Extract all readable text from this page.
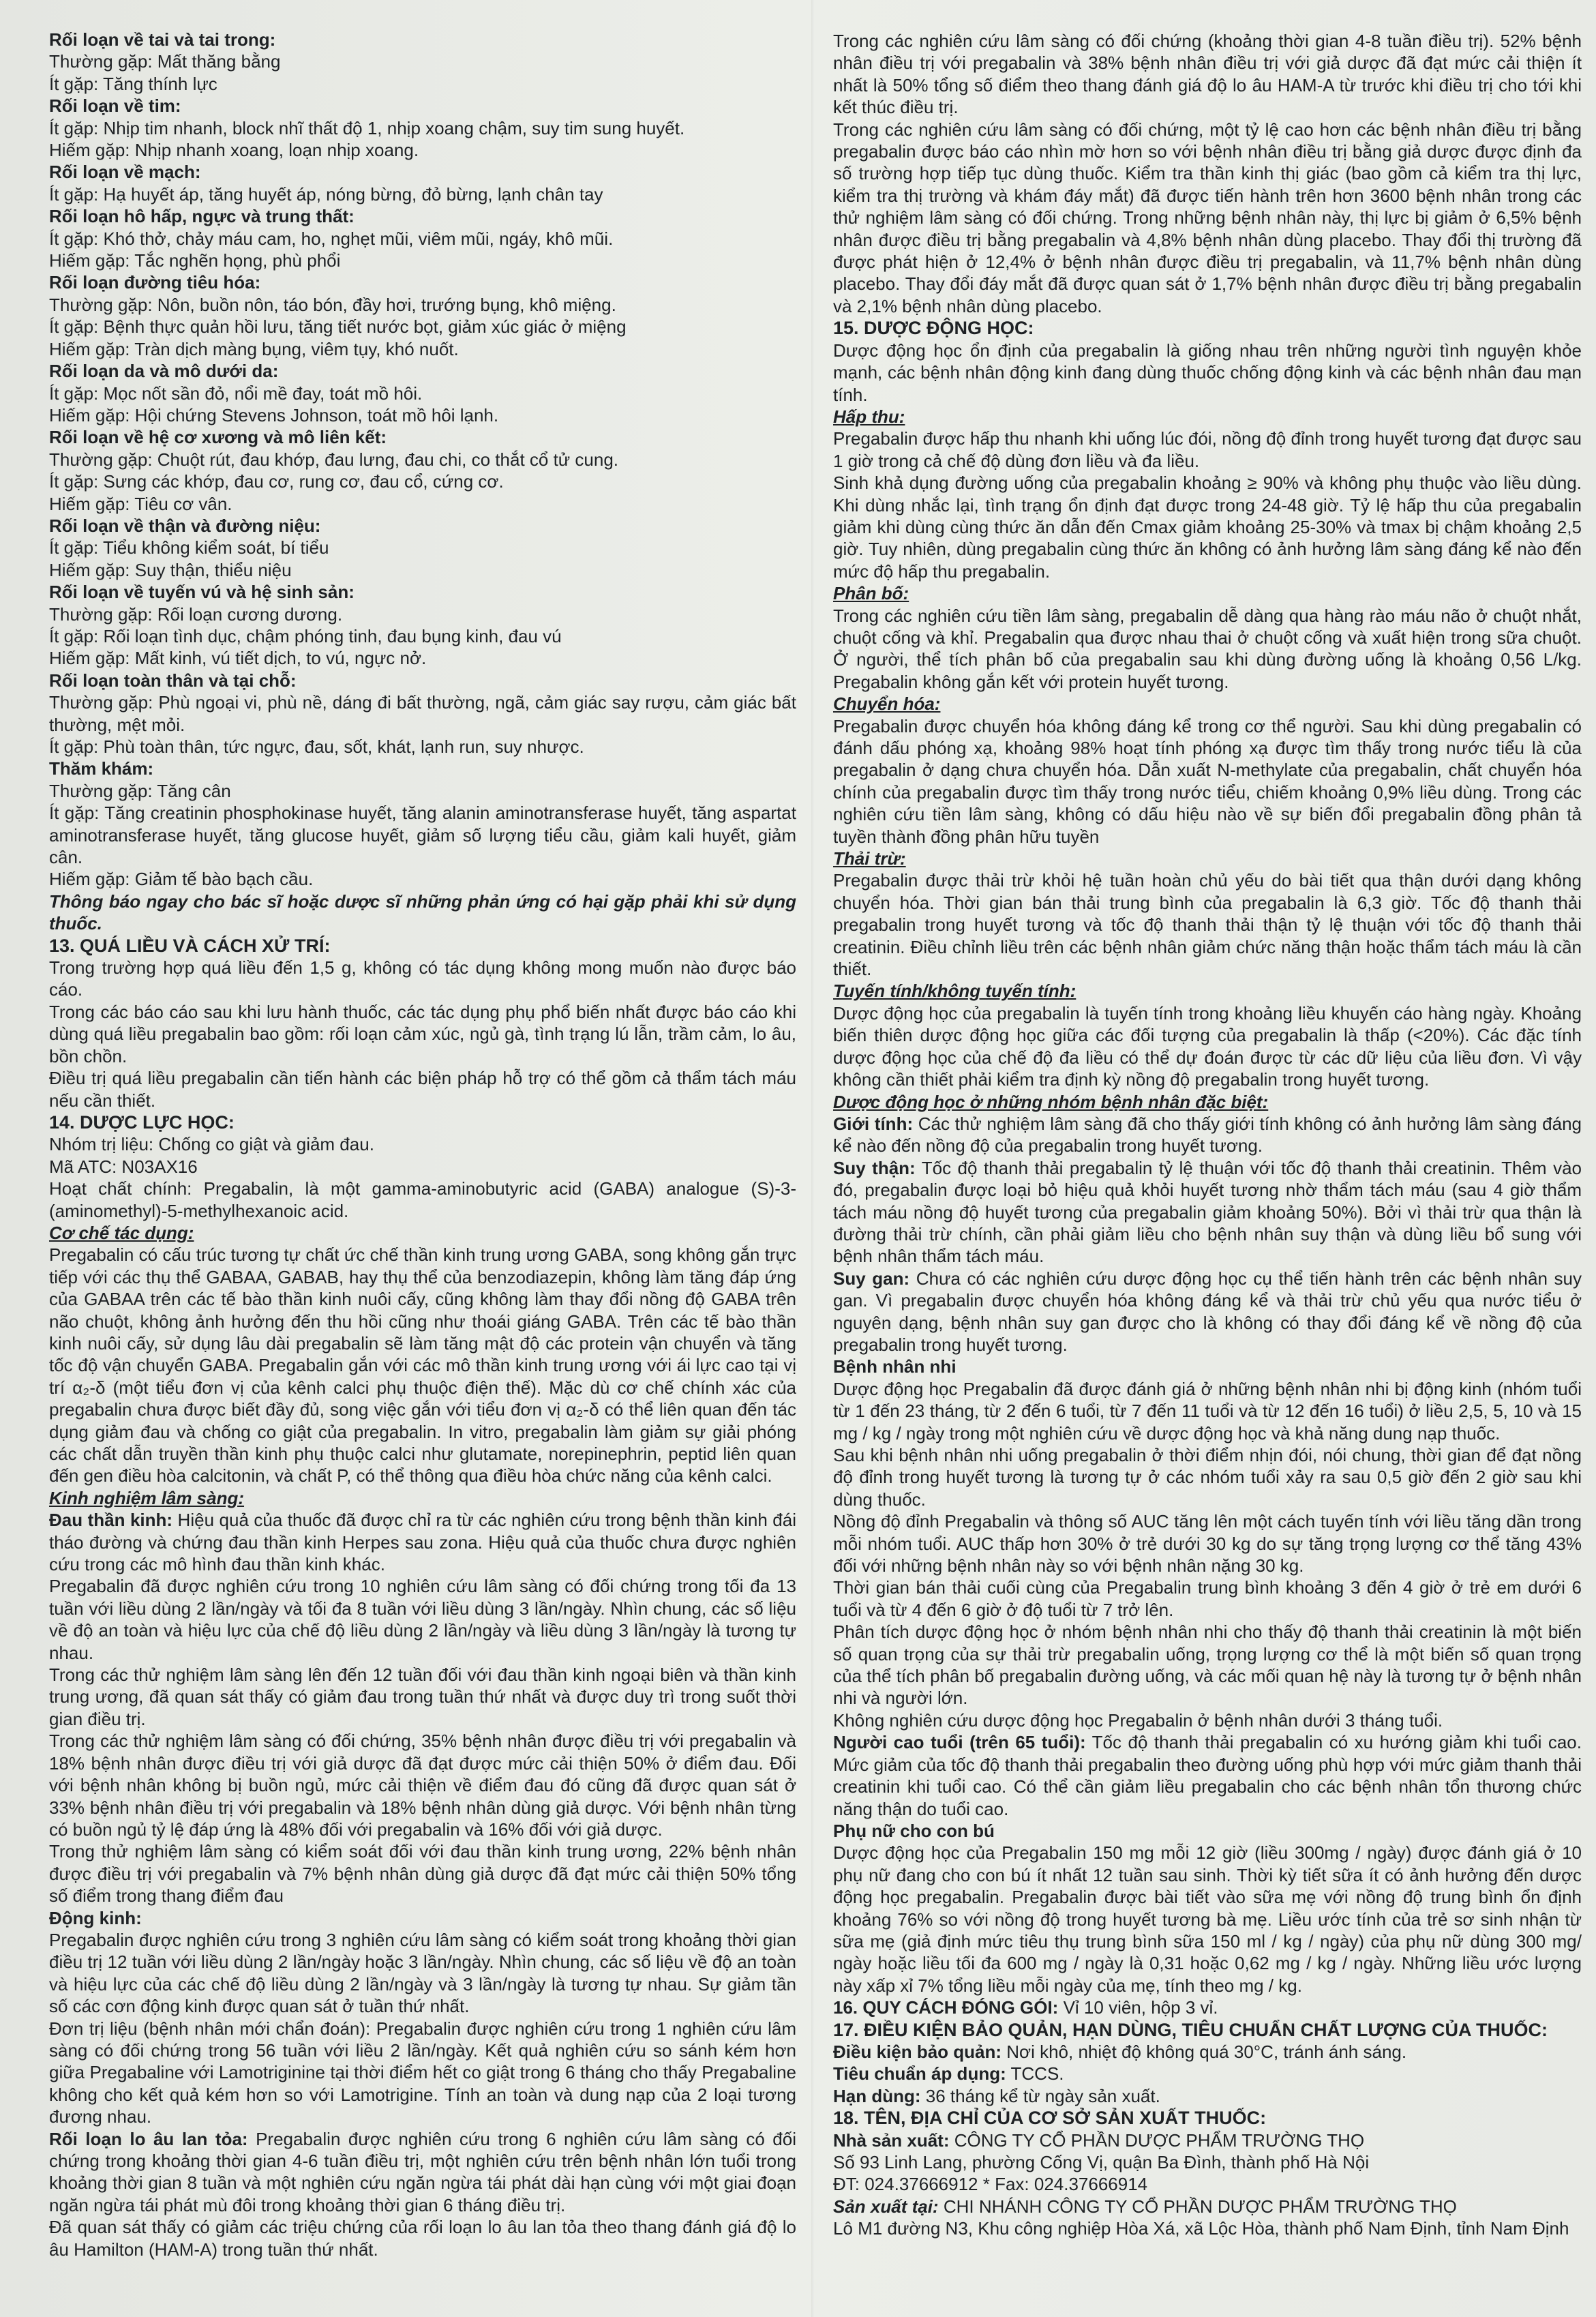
Rối loạn về tai và tai trong:

Thường gặp: Mất thăng bằng

Ít gặp: Tăng thính lực

Rối loạn về tim:

Ít gặp: Nhịp tim nhanh, block nhĩ thất độ 1, nhịp xoang chậm, suy tim sung huyết.

Hiếm gặp: Nhịp nhanh xoang, loạn nhịp xoang.

Rối loạn về mạch:

Ít gặp: Hạ huyết áp, tăng huyết áp, nóng bừng, đỏ bừng, lạnh chân tay

Rối loạn hô hấp, ngực và trung thất:

Ít gặp: Khó thở, chảy máu cam, ho, nghẹt mũi, viêm mũi, ngáy, khô mũi.

Hiếm gặp: Tắc nghẽn họng, phù phổi

Rối loạn đường tiêu hóa:

Thường gặp: Nôn, buồn nôn, táo bón, đầy hơi, trướng bụng, khô miệng.

Ít gặp: Bệnh thực quản hồi lưu, tăng tiết nước bọt, giảm xúc giác ở miệng

Hiếm gặp: Tràn dịch màng bụng, viêm tụy, khó nuốt.

Rối loạn da và mô dưới da:

Ít gặp: Mọc nốt sần đỏ, nổi mề đay, toát mồ hôi.

Hiếm gặp: Hội chứng Stevens Johnson, toát mồ hôi lạnh.

Rối loạn về hệ cơ xương và mô liên kết:

Thường gặp: Chuột rút, đau khớp, đau lưng, đau chi, co thắt cổ tử cung.

Ít gặp: Sưng các khớp, đau cơ, rung cơ, đau cổ, cứng cơ.

Hiếm gặp: Tiêu cơ vân.

Rối loạn về thận và đường niệu:

Ít gặp: Tiểu không kiểm soát, bí tiểu

Hiếm gặp: Suy thận, thiểu niệu

Rối loạn về tuyến vú và hệ sinh sản:

Thường gặp: Rối loạn cương dương.

Ít gặp: Rối loạn tình dục, chậm phóng tinh, đau bụng kinh, đau vú

Hiếm gặp: Mất kinh, vú tiết dịch, to vú, ngực nở.

Rối loạn toàn thân và tại chỗ:

Thường gặp: Phù ngoại vi, phù nề, dáng đi bất thường, ngã, cảm giác say rượu, cảm giác bất thường, mệt mỏi.

Ít gặp: Phù toàn thân, tức ngực, đau, sốt, khát, lạnh run, suy nhược.

Thăm khám:

Thường gặp: Tăng cân

Ít gặp: Tăng creatinin phosphokinase huyết, tăng alanin aminotransferase huyết, tăng aspartat aminotransferase huyết, tăng glucose huyết, giảm số lượng tiểu cầu, giảm kali huyết, giảm cân.

Hiếm gặp: Giảm tế bào bạch cầu.

Thông báo ngay cho bác sĩ hoặc dược sĩ những phản ứng có hại gặp phải khi sử dụng thuốc.

13. QUÁ LIỀU VÀ CÁCH XỬ TRÍ:

Trong trường hợp quá liều đến 1,5 g, không có tác dụng không mong muốn nào được báo cáo.

Trong các báo cáo sau khi lưu hành thuốc, các tác dụng phụ phổ biến nhất được báo cáo khi dùng quá liều pregabalin bao gồm: rối loạn cảm xúc, ngủ gà, tình trạng lú lẫn, trầm cảm, lo âu, bồn chồn.

Điều trị quá liều pregabalin cần tiến hành các biện pháp hỗ trợ có thể gồm cả thẩm tách máu nếu cần thiết.

14. DƯỢC LỰC HỌC:

Nhóm trị liệu: Chống co giật và giảm đau.

Mã ATC: N03AX16

Hoạt chất chính: Pregabalin, là một gamma-aminobutyric acid (GABA) analogue (S)-3-(aminomethyl)-5-methylhexanoic acid.

Cơ chế tác dụng:

Pregabalin có cấu trúc tương tự chất ức chế thần kinh trung ương GABA, song không gắn trực tiếp với các thụ thể GABAA, GABAB, hay thụ thể của benzodiazepin, không làm tăng đáp ứng của GABAA trên các tế bào thần kinh nuôi cấy, cũng không làm thay đổi nồng độ GABA trên não chuột, không ảnh hưởng đến thu hồi cũng như thoái giáng GABA. Trên các tế bào thần kinh nuôi cấy, sử dụng lâu dài pregabalin sẽ làm tăng mật độ các protein vận chuyển và tăng tốc độ vận chuyển GABA. Pregabalin gắn với các mô thần kinh trung ương với ái lực cao tại vị trí α₂-δ (một tiểu đơn vị của kênh calci phụ thuộc điện thế). Mặc dù cơ chế chính xác của pregabalin chưa được biết đầy đủ, song việc gắn với tiểu đơn vị α₂-δ có thể liên quan đến tác dụng giảm đau và chống co giật của pregabalin. In vitro, pregabalin làm giảm sự giải phóng các chất dẫn truyền thần kinh phụ thuộc calci như glutamate, norepinephrin, peptid liên quan đến gen điều hòa calcitonin, và chất P, có thể thông qua điều hòa chức năng của kênh calci.

Kinh nghiệm lâm sàng:

Đau thần kinh: Hiệu quả của thuốc đã được chỉ ra từ các nghiên cứu trong bệnh thần kinh đái tháo đường và chứng đau thần kinh Herpes sau zona. Hiệu quả của thuốc chưa được nghiên cứu trong các mô hình đau thần kinh khác.

Pregabalin đã được nghiên cứu trong 10 nghiên cứu lâm sàng có đối chứng trong tối đa 13 tuần với liều dùng 2 lần/ngày và tối đa 8 tuần với liều dùng 3 lần/ngày. Nhìn chung, các số liệu về độ an toàn và hiệu lực của chế độ liều dùng 2 lần/ngày và liều dùng 3 lần/ngày là tương tự nhau.

Trong các thử nghiệm lâm sàng lên đến 12 tuần đối với đau thần kinh ngoại biên và thần kinh trung ương, đã quan sát thấy có giảm đau trong tuần thứ nhất và được duy trì trong suốt thời gian điều trị.

Trong các thử nghiệm lâm sàng có đối chứng, 35% bệnh nhân được điều trị với pregabalin và 18% bệnh nhân được điều trị với giả dược đã đạt được mức cải thiện 50% ở điểm đau. Đối với bệnh nhân không bị buồn ngủ, mức cải thiện về điểm đau đó cũng đã được quan sát ở 33% bệnh nhân điều trị với pregabalin và 18% bệnh nhân dùng giả dược. Với bệnh nhân từng có buồn ngủ tỷ lệ đáp ứng là 48% đối với pregabalin và 16% đối với giả dược.

Trong thử nghiệm lâm sàng có kiểm soát đối với đau thần kinh trung ương, 22% bệnh nhân được điều trị với pregabalin và 7% bệnh nhân dùng giả dược đã đạt mức cải thiện 50% tổng số điểm trong thang điểm đau

Động kinh:

Pregabalin được nghiên cứu trong 3 nghiên cứu lâm sàng có kiểm soát trong khoảng thời gian điều trị 12 tuần với liều dùng 2 lần/ngày hoặc 3 lần/ngày. Nhìn chung, các số liệu về độ an toàn và hiệu lực của các chế độ liều dùng 2 lần/ngày và 3 lần/ngày là tương tự nhau. Sự giảm tần số các cơn động kinh được quan sát ở tuần thứ nhất.

Đơn trị liệu (bệnh nhân mới chẩn đoán): Pregabalin được nghiên cứu trong 1 nghiên cứu lâm sàng có đối chứng trong 56 tuần với liều 2 lần/ngày. Kết quả nghiên cứu so sánh kém hơn giữa Pregabaline với Lamotriginine tại thời điểm hết co giật trong 6 tháng cho thấy Pregabaline không cho kết quả kém hơn so với Lamotrigine. Tính an toàn và dung nạp của 2 loại tương đương nhau.

Rối loạn lo âu lan tỏa: Pregabalin được nghiên cứu trong 6 nghiên cứu lâm sàng có đối chứng trong khoảng thời gian 4-6 tuần điều trị, một nghiên cứu trên bệnh nhân lớn tuổi trong khoảng thời gian 8 tuần và một nghiên cứu ngăn ngừa tái phát dài hạn cùng với một giai đoạn ngăn ngừa tái phát mù đôi trong khoảng thời gian 6 tháng điều trị.

Đã quan sát thấy có giảm các triệu chứng của rối loạn lo âu lan tỏa theo thang đánh giá độ lo âu Hamilton (HAM-A) trong tuần thứ nhất.

Trong các nghiên cứu lâm sàng có đối chứng (khoảng thời gian 4-8 tuần điều trị). 52% bệnh nhân điều trị với pregabalin và 38% bệnh nhân điều trị với giả dược đã đạt mức cải thiện ít nhất là 50% tổng số điểm theo thang đánh giá độ lo âu HAM-A từ trước khi điều trị cho tới khi kết thúc điều trị.

Trong các nghiên cứu lâm sàng có đối chứng, một tỷ lệ cao hơn các bệnh nhân điều trị bằng pregabalin được báo cáo nhìn mờ hơn so với bệnh nhân điều trị bằng giả dược được định đa số trường hợp tiếp tục dùng thuốc. Kiểm tra thần kinh thị giác (bao gồm cả kiểm tra thị lực, kiểm tra thị trường và khám đáy mắt) đã được tiến hành trên hơn 3600 bệnh nhân trong các thử nghiệm lâm sàng có đối chứng. Trong những bệnh nhân này, thị lực bị giảm ở 6,5% bệnh nhân được điều trị bằng pregabalin và 4,8% bệnh nhân dùng placebo. Thay đổi thị trường đã được phát hiện ở 12,4% ở bệnh nhân được điều trị pregabalin, và 11,7% bệnh nhân dùng placebo. Thay đổi đáy mắt đã được quan sát ở 1,7% bệnh nhân được điều trị bằng pregabalin và 2,1% bệnh nhân dùng placebo.

15. DƯỢC ĐỘNG HỌC:

Dược động học ổn định của pregabalin là giống nhau trên những người tình nguyện khỏe mạnh, các bệnh nhân động kinh đang dùng thuốc chống động kinh và các bệnh nhân đau mạn tính.

Hấp thu:

Pregabalin được hấp thu nhanh khi uống lúc đói, nồng độ đỉnh trong huyết tương đạt được sau 1 giờ trong cả chế độ dùng đơn liều và đa liều.

Sinh khả dụng đường uống của pregabalin khoảng ≥ 90% và không phụ thuộc vào liều dùng. Khi dùng nhắc lại, tình trạng ổn định đạt được trong 24-48 giờ. Tỷ lệ hấp thu của pregabalin giảm khi dùng cùng thức ăn dẫn đến Cmax giảm khoảng 25-30% và tmax bị chậm khoảng 2,5 giờ. Tuy nhiên, dùng pregabalin cùng thức ăn không có ảnh hưởng lâm sàng đáng kể nào đến mức độ hấp thu pregabalin.

Phân bố:

Trong các nghiên cứu tiền lâm sàng, pregabalin dễ dàng qua hàng rào máu não ở chuột nhắt, chuột cống và khỉ. Pregabalin qua được nhau thai ở chuột cống và xuất hiện trong sữa chuột. Ở người, thể tích phân bố của pregabalin sau khi dùng đường uống là khoảng 0,56 L/kg. Pregabalin không gắn kết với protein huyết tương.

Chuyển hóa:

Pregabalin được chuyển hóa không đáng kể trong cơ thể người. Sau khi dùng pregabalin có đánh dấu phóng xạ, khoảng 98% hoạt tính phóng xạ được tìm thấy trong nước tiểu là của pregabalin ở dạng chưa chuyển hóa. Dẫn xuất N-methylate của pregabalin, chất chuyển hóa chính của pregabalin được tìm thấy trong nước tiểu, chiếm khoảng 0,9% liều dùng. Trong các nghiên cứu tiền lâm sàng, không có dấu hiệu nào về sự biến đổi pregabalin đồng phân tả tuyền thành đồng phân hữu tuyền

Thải trừ:

Pregabalin được thải trừ khỏi hệ tuần hoàn chủ yếu do bài tiết qua thận dưới dạng không chuyển hóa. Thời gian bán thải trung bình của pregabalin là 6,3 giờ. Tốc độ thanh thải pregabalin trong huyết tương và tốc độ thanh thải thận tỷ lệ thuận với tốc độ thanh thải creatinin. Điều chỉnh liều trên các bệnh nhân giảm chức năng thận hoặc thẩm tách máu là cần thiết.

Tuyến tính/không tuyến tính:

Dược động học của pregabalin là tuyến tính trong khoảng liều khuyến cáo hàng ngày. Khoảng biến thiên dược động học giữa các đối tượng của pregabalin là thấp (<20%). Các đặc tính dược động học của chế độ đa liều có thể dự đoán được từ các dữ liệu của liều đơn. Vì vậy không cần thiết phải kiểm tra định kỳ nồng độ pregabalin trong huyết tương.

Dược động học ở những nhóm bệnh nhân đặc biệt:

Giới tính: Các thử nghiệm lâm sàng đã cho thấy giới tính không có ảnh hưởng lâm sàng đáng kể nào đến nồng độ của pregabalin trong huyết tương.

Suy thận: Tốc độ thanh thải pregabalin tỷ lệ thuận với tốc độ thanh thải creatinin. Thêm vào đó, pregabalin được loại bỏ hiệu quả khỏi huyết tương nhờ thẩm tách máu (sau 4 giờ thẩm tách máu nồng độ huyết tương của pregabalin giảm khoảng 50%). Bởi vì thải trừ qua thận là đường thải trừ chính, cần phải giảm liều cho bệnh nhân suy thận và dùng liều bổ sung với bệnh nhân thẩm tách máu.

Suy gan: Chưa có các nghiên cứu dược động học cụ thể tiến hành trên các bệnh nhân suy gan. Vì pregabalin được chuyển hóa không đáng kể và thải trừ chủ yếu qua nước tiểu ở nguyên dạng, bệnh nhân suy gan được cho là không có thay đổi đáng kể về nồng độ của pregabalin trong huyết tương.

Bệnh nhân nhi

Dược động học Pregabalin đã được đánh giá ở những bệnh nhân nhi bị động kinh (nhóm tuổi từ 1 đến 23 tháng, từ 2 đến 6 tuổi, từ 7 đến 11 tuổi và từ 12 đến 16 tuổi) ở liều 2,5, 5, 10 và 15 mg / kg / ngày trong một nghiên cứu về dược động học và khả năng dung nạp thuốc.

Sau khi bệnh nhân nhi uống pregabalin ở thời điểm nhịn đói, nói chung, thời gian để đạt nồng độ đỉnh trong huyết tương là tương tự ở các nhóm tuổi xảy ra sau 0,5 giờ đến 2 giờ sau khi dùng thuốc.

Nồng độ đỉnh Pregabalin và thông số AUC tăng lên một cách tuyến tính với liều tăng dần trong mỗi nhóm tuổi. AUC thấp hơn 30% ở trẻ dưới 30 kg do sự tăng trọng lượng cơ thể tăng 43% đối với những bệnh nhân này so với bệnh nhân nặng 30 kg.

Thời gian bán thải cuối cùng của Pregabalin trung bình khoảng 3 đến 4 giờ ở trẻ em dưới 6 tuổi và từ 4 đến 6 giờ ở độ tuổi từ 7 trở lên.

Phân tích dược động học ở nhóm bệnh nhân nhi cho thấy độ thanh thải creatinin là một biến số quan trọng của sự thải trừ pregabalin uống, trọng lượng cơ thể là một biến số quan trọng của thể tích phân bố pregabalin đường uống, và các mối quan hệ này là tương tự ở bệnh nhân nhi và người lớn.

Không nghiên cứu dược động học Pregabalin ở bệnh nhân dưới 3 tháng tuổi.

Người cao tuổi (trên 65 tuổi): Tốc độ thanh thải pregabalin có xu hướng giảm khi tuổi cao. Mức giảm của tốc độ thanh thải pregabalin theo đường uống phù hợp với mức giảm thanh thải creatinin khi tuổi cao. Có thể cần giảm liều pregabalin cho các bệnh nhân tổn thương chức năng thận do tuổi cao.

Phụ nữ cho con bú

Dược động học của Pregabalin 150 mg mỗi 12 giờ (liều 300mg / ngày) được đánh giá ở 10 phụ nữ đang cho con bú ít nhất 12 tuần sau sinh. Thời kỳ tiết sữa ít có ảnh hưởng đến dược động học pregabalin. Pregabalin được bài tiết vào sữa mẹ với nồng độ trung bình ổn định khoảng 76% so với nồng độ trong huyết tương bà mẹ. Liều ước tính của trẻ sơ sinh nhận từ sữa mẹ (giả định mức tiêu thụ trung bình sữa 150 ml / kg / ngày) của phụ nữ dùng 300 mg/ ngày hoặc liều tối đa 600 mg / ngày là 0,31 hoặc 0,62 mg / kg / ngày. Những liều ước lượng này xấp xỉ 7% tổng liều mỗi ngày của mẹ, tính theo mg / kg.

16. QUY CÁCH ĐÓNG GÓI: Vỉ 10 viên, hộp 3 vỉ.

17. ĐIỀU KIỆN BẢO QUẢN, HẠN DÙNG, TIÊU CHUẨN CHẤT LƯỢNG CỦA THUỐC:

Điều kiện bảo quản: Nơi khô, nhiệt độ không quá 30°C, tránh ánh sáng.

Tiêu chuẩn áp dụng: TCCS.

Hạn dùng: 36 tháng kể từ ngày sản xuất.

18. TÊN, ĐỊA CHỈ CỦA CƠ SỞ SẢN XUẤT THUỐC:

Nhà sản xuất: CÔNG TY CỔ PHẦN DƯỢC PHẨM TRƯỜNG THỌ

Số 93 Linh Lang, phường Cống Vị, quận Ba Đình, thành phố Hà Nội

ĐT: 024.37666912 * Fax: 024.37666914

Sản xuất tại: CHI NHÁNH CÔNG TY CỔ PHẦN DƯỢC PHẨM TRƯỜNG THỌ

Lô M1 đường N3, Khu công nghiệp Hòa Xá, xã Lộc Hòa, thành phố Nam Định, tỉnh Nam Định
